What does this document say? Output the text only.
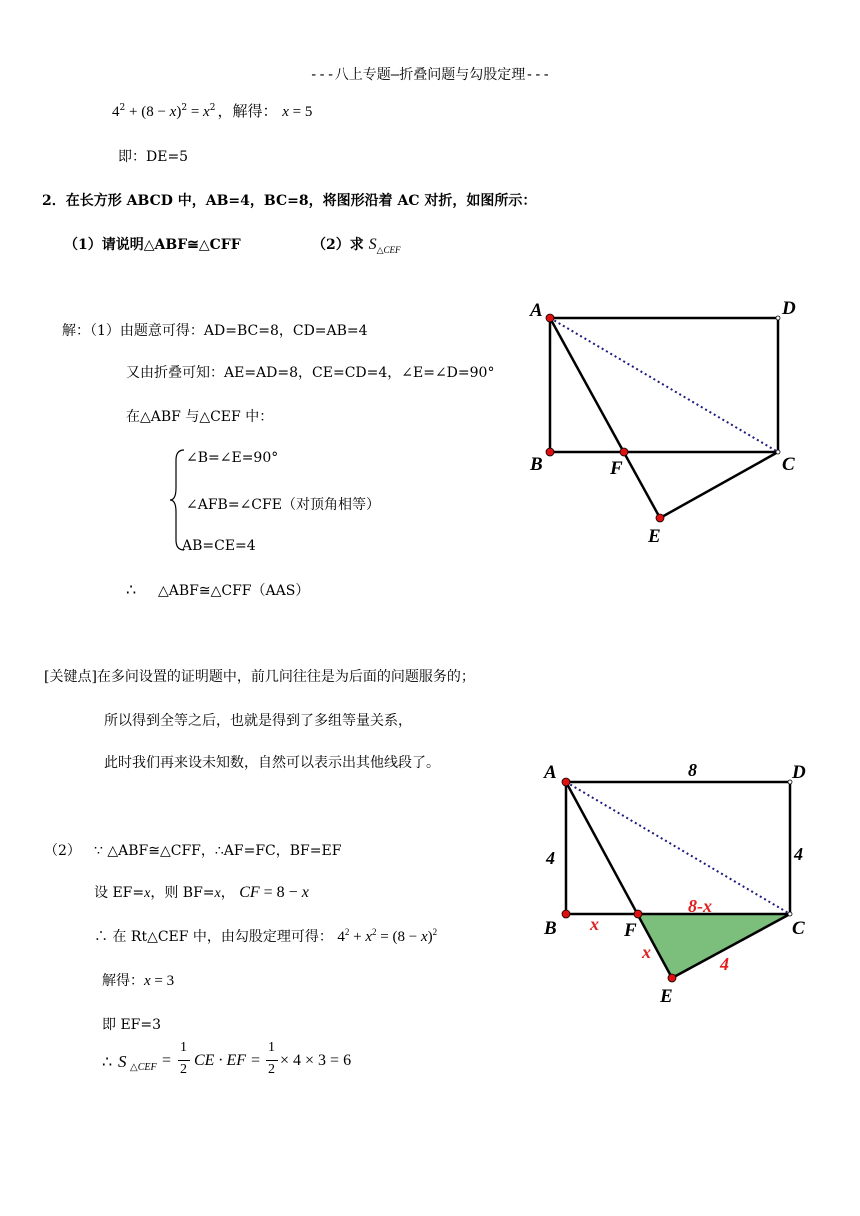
---八上专题—折叠问题与勾股定理---
$4^2 + (8 - x)^2 = x^2$ ，解得： x = 5
即：DE=5
2．在长方形 ABCD 中，AB=4，BC=8，将图形沿着 AC 对折，如图所示：
（1）请说明△ABF≅△CFF	（2）求 $S_{\triangle CEF}$
解：（1）由题意可得：AD=BC=8，CD=AB=4
又由折叠可知：AE=AD=8，CE=CD=4，∠E=∠D=90°
在△ABF 与△CEF 中：
∠B=∠E=90°
∠AFB=∠CFE（对顶角相等）
AB=CE=4
∴ △ABF≅△CFF（AAS）
[关键点]在多问设置的证明题中，前几问往往是为后面的问题服务的；
所以得到全等之后，也就是得到了多组等量关系，
此时我们再来设未知数，自然可以表示出其他线段了。
（2） ∵ △ABF≅△CFF，∴AF=FC，BF=EF
设 EF=x，则 BF=x， CF = 8 − x
∴ 在 Rt△CEF 中，由勾股定理可得： $4^2 + x^2 = (8 - x)^2$
解得：x = 3
即 EF=3
∴ S △CEF =
1
2
CE · EF =
1
2
× 4 × 3 = 6
A	D
B	F	C
E
A	D
B	F	C
E
8
4	4
x
8-x
x
4
